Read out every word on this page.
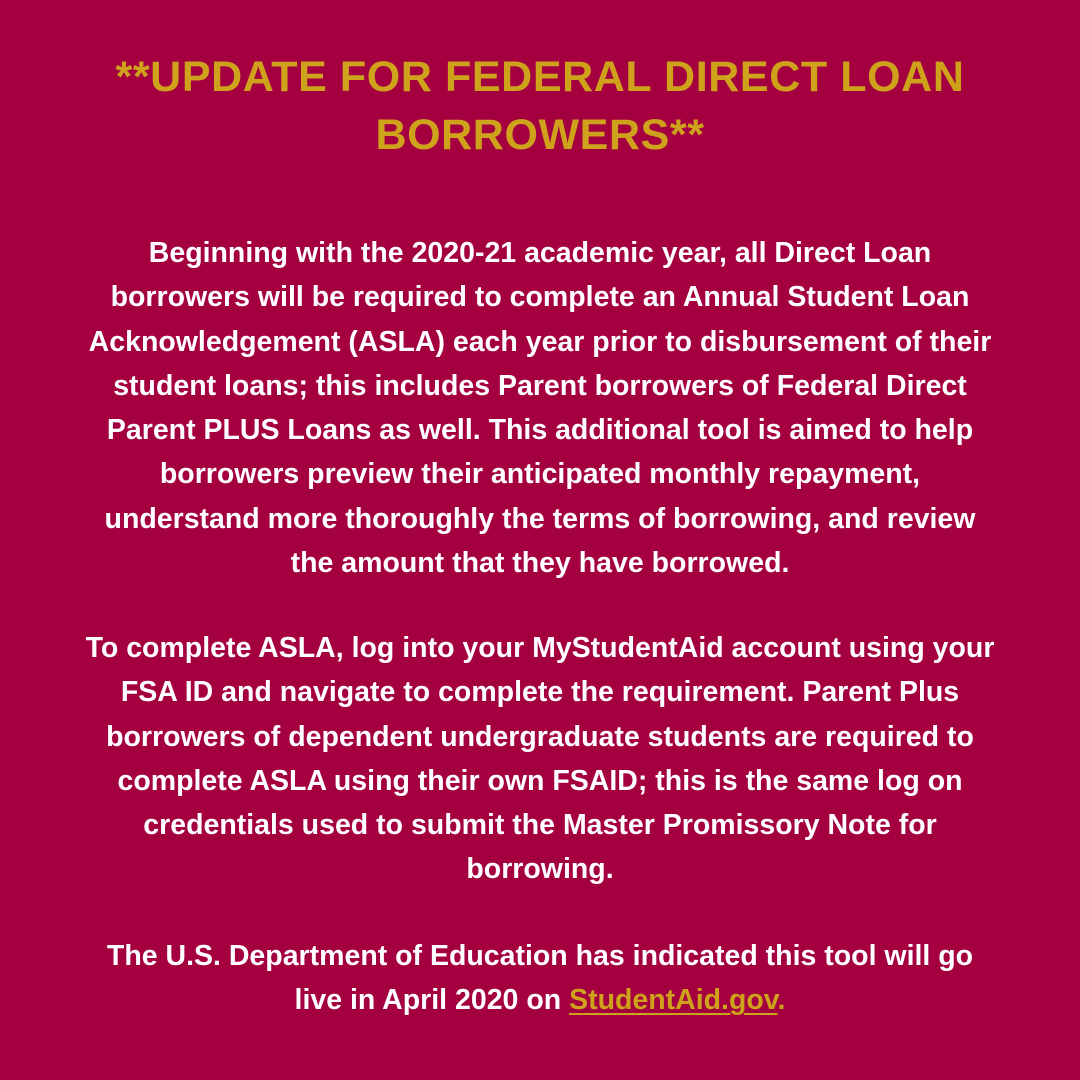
**UPDATE FOR FEDERAL DIRECT LOAN
BORROWERS**

Beginning with the 2020-21 academic year, all Direct Loan
borrowers will be required to complete an Annual Student Loan
Acknowledgement (ASLA) each year prior to disbursement of their
student loans; this includes Parent borrowers of Federal Direct
Parent PLUS Loans as well. This additional tool is aimed to help
borrowers preview their anticipated monthly repayment,
understand more thoroughly the terms of borrowing, and review
the amount that they have borrowed.

To complete ASLA, log into your MyStudentAid account using your
FSA ID and navigate to complete the requirement. Parent Plus
borrowers of dependent undergraduate students are required to
complete ASLA using their own FSAID; this is the same log on
credentials used to submit the Master Promissory Note for
borrowing.

The U.S. Department of Education has indicated this tool will go
live in April 2020 on StudentAid.gov.
